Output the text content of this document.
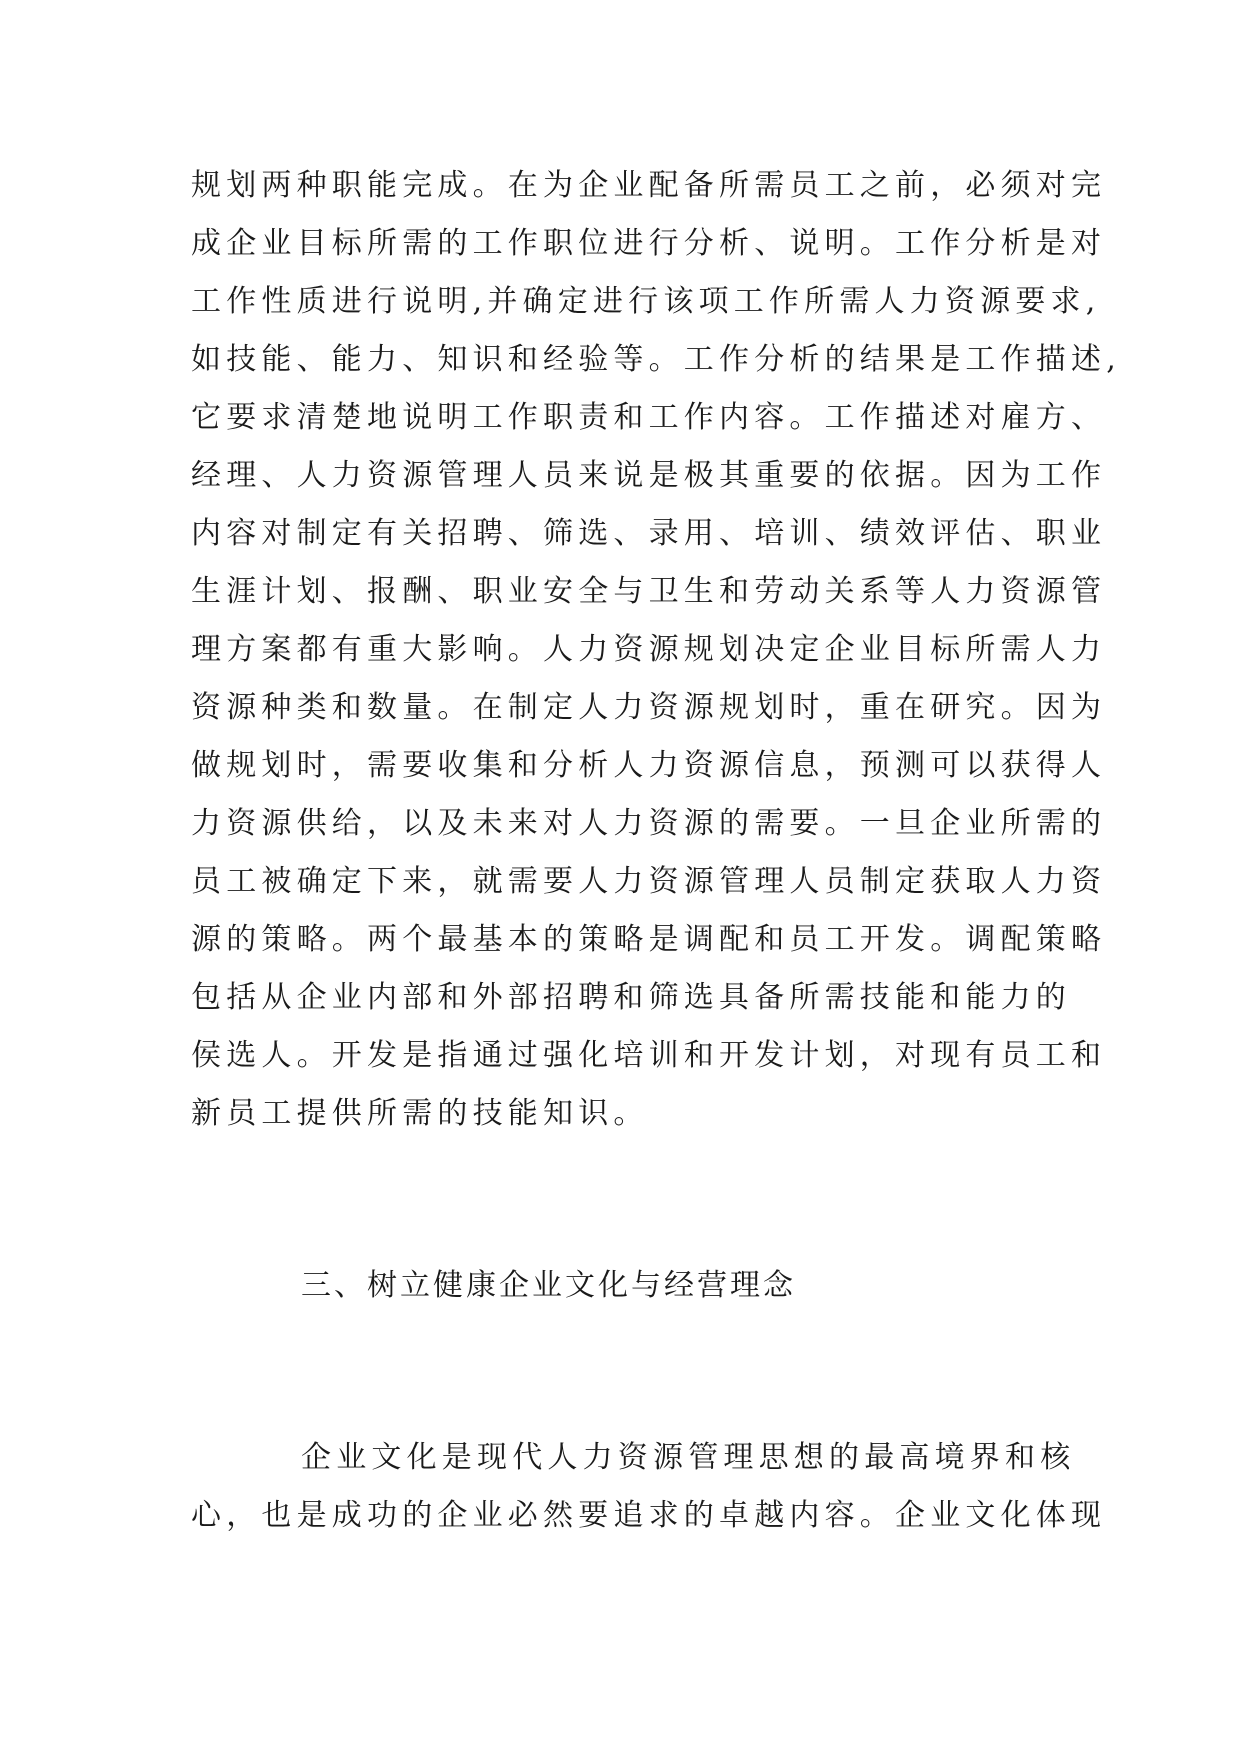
规划两种职能完成。在为企业配备所需员工之前，必须对完
成企业目标所需的工作职位进行分析、说明。工作分析是对
工作性质进行说明,并确定进行该项工作所需人力资源要求,
如技能、能力、知识和经验等。工作分析的结果是工作描述,
它要求清楚地说明工作职责和工作内容。工作描述对雇方、
经理、人力资源管理人员来说是极其重要的依据。因为工作
内容对制定有关招聘、筛选、录用、培训、绩效评估、职业
生涯计划、报酬、职业安全与卫生和劳动关系等人力资源管
理方案都有重大影响。人力资源规划决定企业目标所需人力
资源种类和数量。在制定人力资源规划时，重在研究。因为
做规划时，需要收集和分析人力资源信息，预测可以获得人
力资源供给，以及未来对人力资源的需要。一旦企业所需的
员工被确定下来，就需要人力资源管理人员制定获取人力资
源的策略。两个最基本的策略是调配和员工开发。调配策略
包括从企业内部和外部招聘和筛选具备所需技能和能力的
侯选人。开发是指通过强化培训和开发计划，对现有员工和
新员工提供所需的技能知识。
三、树立健康企业文化与经营理念
企业文化是现代人力资源管理思想的最高境界和核
心，也是成功的企业必然要追求的卓越内容。企业文化体现
